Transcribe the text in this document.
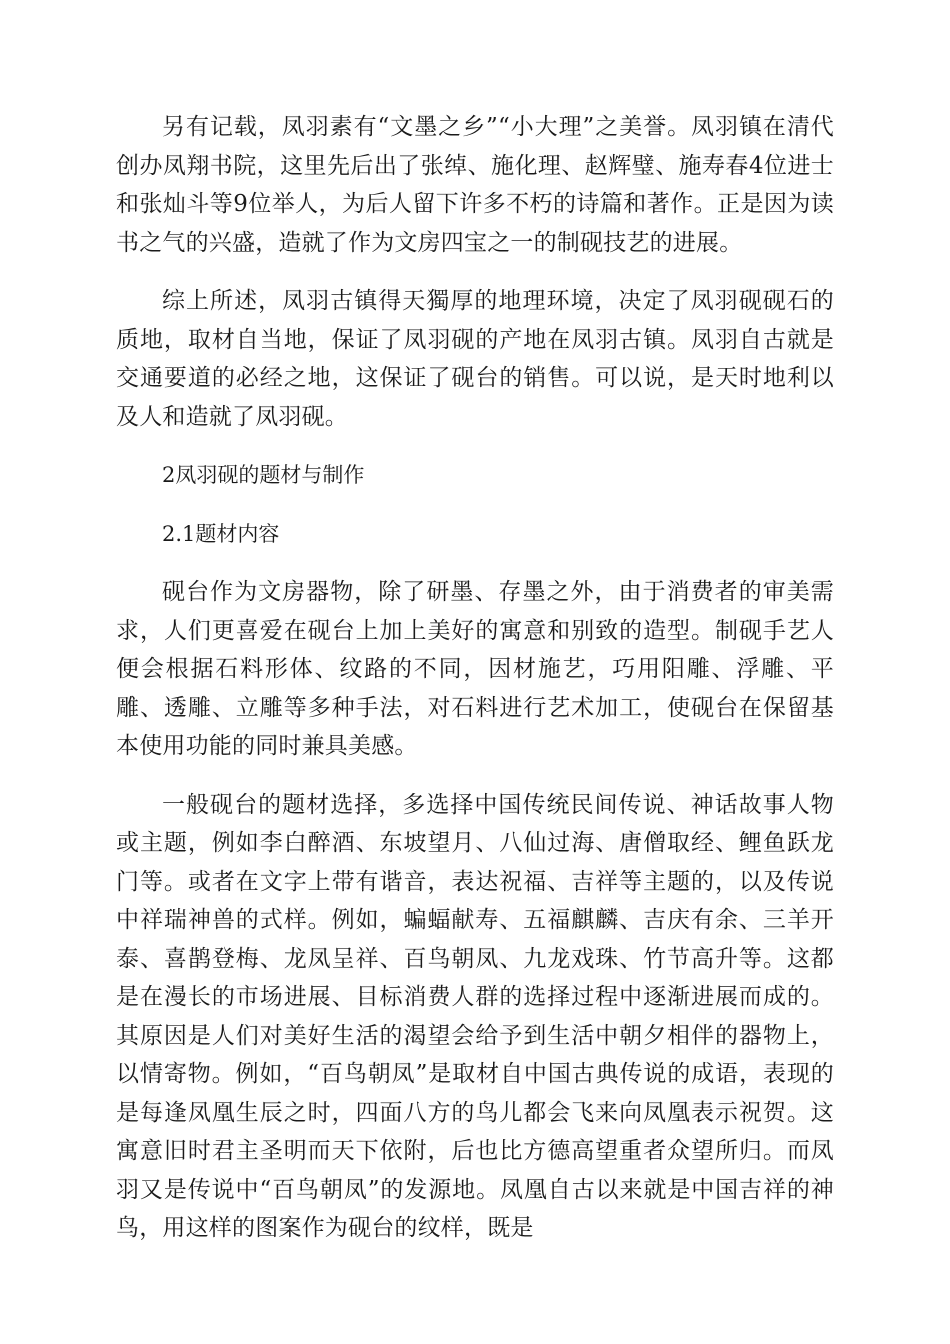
另有记载，凤羽素有“文墨之乡”“小大理”之美誉。凤羽镇在清代创办凤翔书院，这里先后出了张绰、施化理、赵辉璧、施寿春4位进士和张灿斗等9位举人，为后人留下许多不朽的诗篇和著作。正是因为读书之气的兴盛，造就了作为文房四宝之一的制砚技艺的进展。

综上所述，凤羽古镇得天獨厚的地理环境，决定了凤羽砚砚石的质地，取材自当地，保证了凤羽砚的产地在凤羽古镇。凤羽自古就是交通要道的必经之地，这保证了砚台的销售。可以说，是天时地利以及人和造就了凤羽砚。

2凤羽砚的题材与制作

2.1题材内容

砚台作为文房器物，除了研墨、存墨之外，由于消费者的审美需求，人们更喜爱在砚台上加上美好的寓意和别致的造型。制砚手艺人便会根据石料形体、纹路的不同，因材施艺，巧用阳雕、浮雕、平雕、透雕、立雕等多种手法，对石料进行艺术加工，使砚台在保留基本使用功能的同时兼具美感。

一般砚台的题材选择，多选择中国传统民间传说、神话故事人物或主题，例如李白醉酒、东坡望月、八仙过海、唐僧取经、鲤鱼跃龙门等。或者在文字上带有谐音，表达祝福、吉祥等主题的，以及传说中祥瑞神兽的式样。例如，蝙蝠献寿、五福麒麟、吉庆有余、三羊开泰、喜鹊登梅、龙凤呈祥、百鸟朝凤、九龙戏珠、竹节高升等。这都是在漫长的市场进展、目标消费人群的选择过程中逐渐进展而成的。其原因是人们对美好生活的渴望会给予到生活中朝夕相伴的器物上，以情寄物。例如，“百鸟朝凤”是取材自中国古典传说的成语，表现的是每逢凤凰生辰之时，四面八方的鸟儿都会飞来向凤凰表示祝贺。这寓意旧时君主圣明而天下依附，后也比方德高望重者众望所归。而凤羽又是传说中“百鸟朝凤”的发源地。凤凰自古以来就是中国吉祥的神鸟，用这样的图案作为砚台的纹样，既是
